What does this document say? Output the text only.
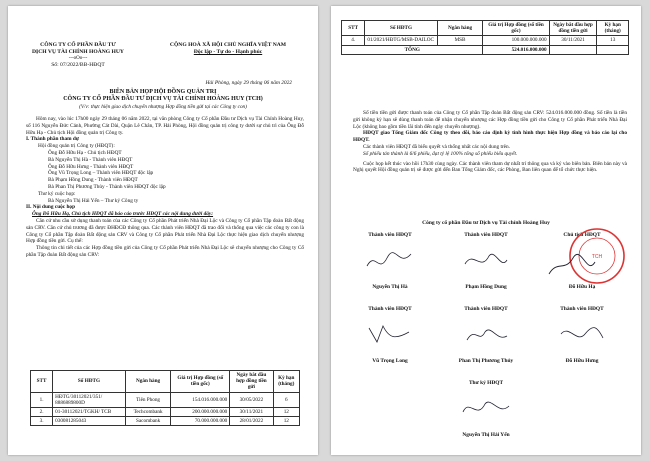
CÔNG TY CỔ PHẦN ĐẦU TƯ
DỊCH VỤ TÀI CHÍNH HOÀNG HUY
---oOo---
Số: 07/2022/BB-HĐQT
CỘNG HOÀ XÃ HỘI CHỦ NGHĨA VIỆT NAM
Độc lập - Tự do - Hạnh phúc
Hải Phòng, ngày 29 tháng 06 năm 2022
BIÊN BẢN HỌP HỘI ĐỒNG QUẢN TRỊ
CÔNG TY CỔ PHẦN ĐẦU TƯ DỊCH VỤ TÀI CHÍNH HOÀNG HUY (TCH)
(V/v: thực hiện giao dịch chuyển nhượng Hợp đồng tiền gửi tại các Công ty con)
Hôm nay, vào lúc 17h00 ngày 29 tháng 06 năm 2022, tại văn phòng Công ty Cổ phần Đầu tư Dịch vụ Tài Chính Hoàng Huy, số 116 Nguyễn Đức Cảnh, Phường Cát Dài, Quận Lê Chân, TP. Hải Phòng, Hội đồng quản trị công ty dưới sự chủ trì của Ông Đỗ Hữu Hạ - Chủ tịch Hội đồng quản trị Công ty.
I. Thành phần tham dự
Hội đồng quản trị Công ty (HĐQT):
Ông Đỗ Hữu Hạ - Chủ tịch HĐQT
Bà Nguyễn Thị Hà - Thành viên HĐQT
Ông Đỗ Hữu Hưng - Thành viên HĐQT
Ông Vũ Trọng Long – Thành viên HĐQT độc lập
Bà Phạm Hồng Dung - Thành viên HĐQT
Bà Phan Thị Phương Thủy - Thành viên HĐQT độc lập
Thư ký cuộc họp:
Bà Nguyễn Thị Hải Yến – Thư ký Công ty
II. Nội dung cuộc họp
Ông Đỗ Hữu Hạ, Chủ tịch HĐQT đã báo cáo trước HĐQT các nội dung dưới đây:
Căn cứ nhu cầu sử dụng thanh toán của các Công ty Cổ phần Phát triển Nhà Đại Lộc và Công ty Cổ phần Tập đoàn Bất động sản CRV. Căn cứ chủ trương đã được ĐHĐCĐ thông qua. Các thành viên HĐQT đã trao đổi và thống qua việc các công ty con là Công ty Cổ phần Tập đoàn Bất động sản CRV và Công ty Cổ phần Phát triển Nhà Đại Lộc thực hiện giao dịch chuyển nhượng Hợp đồng tiền gửi. Cụ thể:
Thông tin chi tiết của các Hợp đồng tiền gửi của Công ty Cổ phần Phát triển Nhà Đại Lộc sẽ chuyển nhượng cho Công ty Cổ phần Tập đoàn Bất động sản CRV:
STT	Số HĐTG	Ngân hàng	Giá trị Hợp đồng (số tiền gốc)	Ngày bắt đầu hợp đồng tiền gửi	Kỳ hạn (tháng)
1.	HĐTG/30112021/351/ 8886889800D	Tiên Phong	154.016.000.000	30/05/2022	6
2.	01-30112021/TGKH/ TCB	Techcombank	200.000.000.000	30/11/2021	12
3.	030081285043	Sacombank	70.000.000.000	28/01/2022	12
STT	Số HĐTG	Ngân hàng	Giá trị Hợp đồng (số tiền gốc)	Ngày bắt đầu hợp đồng tiền gửi	Kỳ hạn (tháng)
4.	01/2021/HĐTG/MSB-DAILOC	MSB	100.000.000.000	30/11/2021	13
TỔNG			524.016.000.000		
Số tiền tiền gửi được thanh toán của Công ty Cổ phần Tập đoàn Bất động sản CRV: 524.016.000.000 đồng. Số tiền là tiền gửi không kỳ hạn sẽ dùng thanh toán để nhận chuyển nhượng các Hợp đồng tiền gửi cho Công ty Cổ phần Phát triển Nhà Đại Lộc (không bao gồm tiền lãi tính đến ngày chuyển nhượng).
HĐQT giao Tổng Giám đốc Công ty theo dõi, báo cáo định kỳ tình hình thực hiện Hợp đồng và báo cáo lại cho HĐQT.
Các thành viên HĐQT đã biểu quyết và thống nhất các nội dung trên.
Số phiếu tán thành là 6/6 phiếu, đạt tỷ lệ 100% tổng số phiếu biểu quyết.
Cuộc họp kết thúc vào hồi 17h30 cùng ngày. Các thành viên tham dự nhất trí thông qua và ký vào biên bản. Biên bản này và Nghị quyết Hội đồng quản trị sẽ được gửi đến Ban Tổng Giám đốc, các Phòng, Ban liên quan để tổ chức thực hiện.
Công ty cổ phần Đầu tư Dịch vụ Tài chính Hoàng Huy
Thành viên HĐQT
Nguyễn Thị Hà
Thành viên HĐQT
Phạm Hồng Dung
Chủ tịch HĐQT
TCH
Đỗ Hữu Hạ
Thành viên HĐQT
Vũ Trọng Long
Thành viên HĐQT
Phan Thị Phương Thủy
Thành viên HĐQT
Đỗ Hữu Hưng
Thư ký HĐQT
Nguyễn Thị Hải Yến
